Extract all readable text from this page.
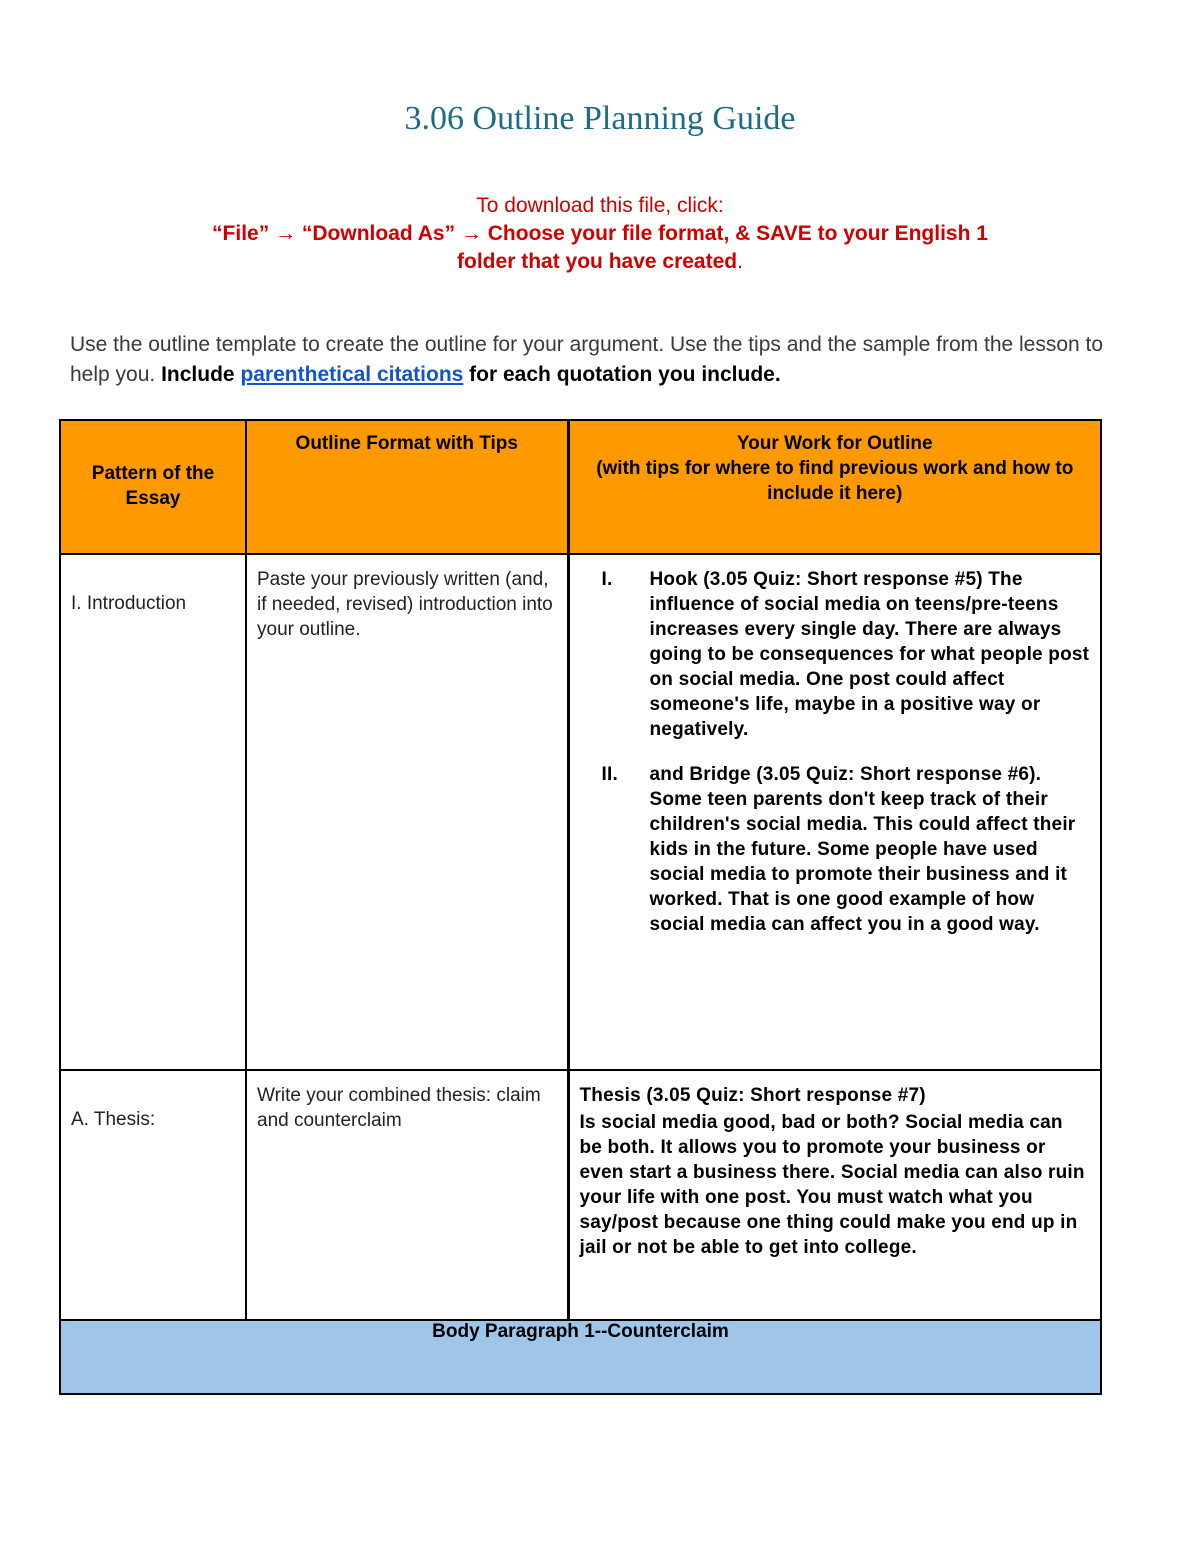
3.06 Outline Planning Guide
To download this file, click:
“File” → “Download As” → Choose your file format, & SAVE to your English 1
folder that you have created.
Use the outline template to create the outline for your argument. Use the tips and the sample from the lesson to help you. Include parenthetical citations for each quotation you include.
Pattern of the Essay	Outline Format with Tips	Your Work for Outline
(with tips for where to find previous work and how to include it here)

I. Introduction	Paste your previously written (and, if needed, revised) introduction into your outline.	I. Hook (3.05 Quiz: Short response #5) The influence of social media on teens/pre-teens increases every single day. There are always going to be consequences for what people post on social media. One post could affect someone's life, maybe in a positive way or negatively.
II. and Bridge (3.05 Quiz: Short response #6). Some teen parents don't keep track of their children's social media. This could affect their kids in the future. Some people have used social media to promote their business and it worked. That is one good example of how social media can affect you in a good way.

A. Thesis:	Write your combined thesis: claim and counterclaim	Thesis (3.05 Quiz: Short response #7)
Is social media good, bad or both? Social media can be both. It allows you to promote your business or even start a business there. Social media can also ruin your life with one post. You must watch what you say/post because one thing could make you end up in jail or not be able to get into college.

Body Paragraph 1--Counterclaim		
